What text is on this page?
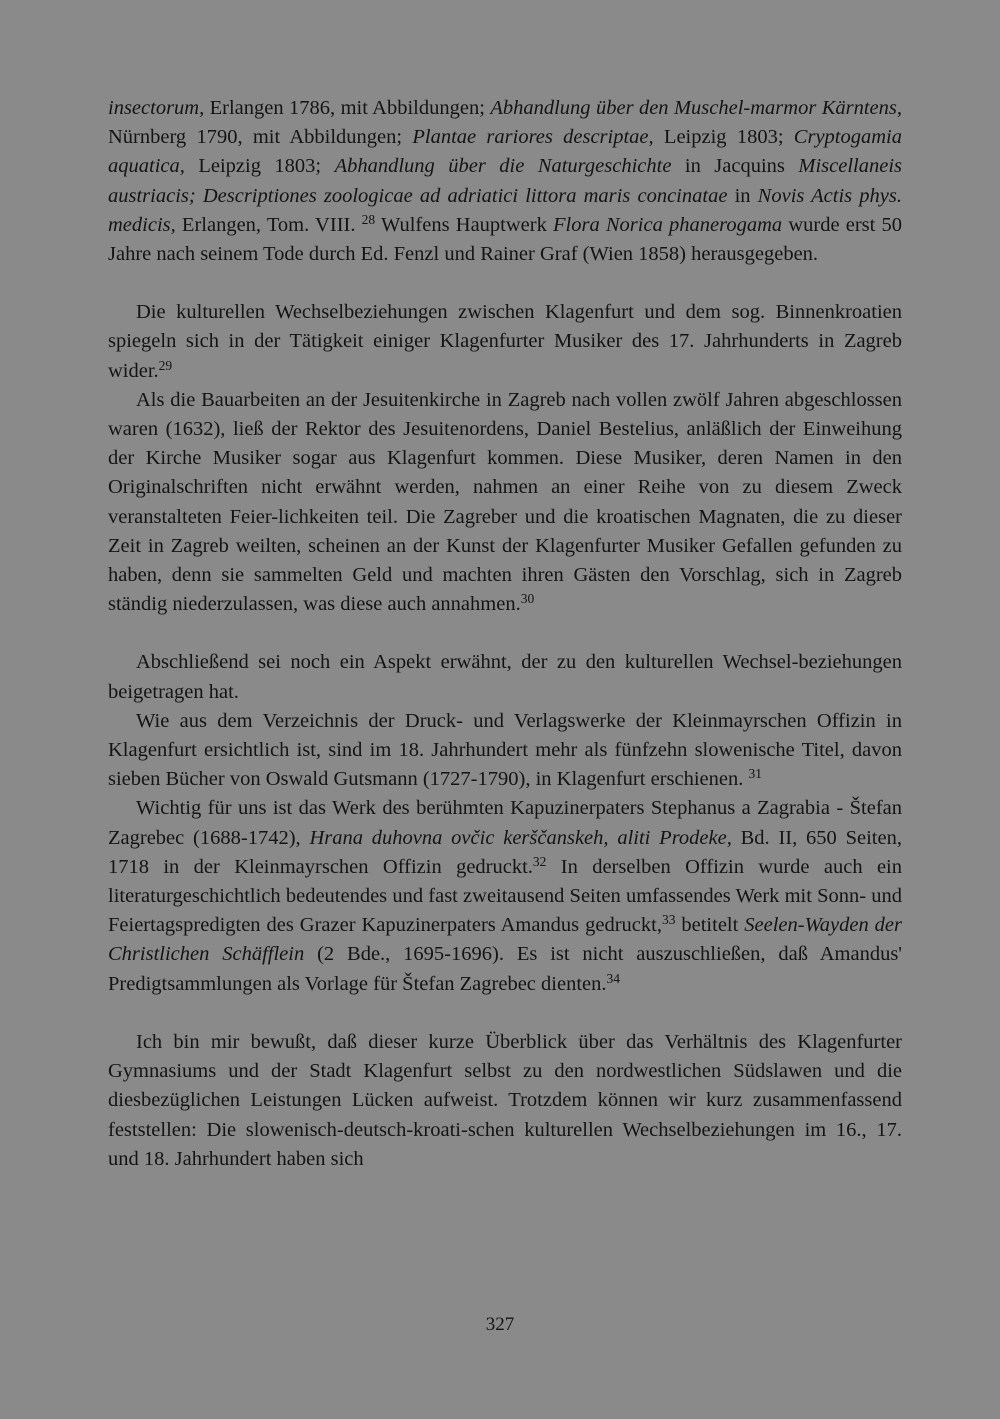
insectorum, Erlangen 1786, mit Abbildungen; Abhandlung über den Muschel-marmor Kärntens, Nürnberg 1790, mit Abbildungen; Plantae rariores descriptae, Leipzig 1803; Cryptogamia aquatica, Leipzig 1803; Abhandlung über die Naturgeschichte in Jacquins Miscellaneis austriacis; Descriptiones zoologicae ad adriatici littora maris concinatae in Novis Actis phys. medicis, Erlangen, Tom. VIII. $^{28}$ Wulfens Hauptwerk Flora Norica phanerogama wurde erst 50 Jahre nach seinem Tode durch Ed. Fenzl und Rainer Graf (Wien 1858) herausgegeben.

Die kulturellen Wechselbeziehungen zwischen Klagenfurt und dem sog. Binnenkroatien spiegeln sich in der Tätigkeit einiger Klagenfurter Musiker des 17. Jahrhunderts in Zagreb wider.$^{29}$

Als die Bauarbeiten an der Jesuitenkirche in Zagreb nach vollen zwölf Jahren abgeschlossen waren (1632), ließ der Rektor des Jesuitenordens, Daniel Bestelius, anläßlich der Einweihung der Kirche Musiker sogar aus Klagenfurt kommen. Diese Musiker, deren Namen in den Originalschriften nicht erwähnt werden, nahmen an einer Reihe von zu diesem Zweck veranstalteten Feier-lichkeiten teil. Die Zagreber und die kroatischen Magnaten, die zu dieser Zeit in Zagreb weilten, scheinen an der Kunst der Klagenfurter Musiker Gefallen gefunden zu haben, denn sie sammelten Geld und machten ihren Gästen den Vorschlag, sich in Zagreb ständig niederzulassen, was diese auch annahmen.$^{30}$

Abschließend sei noch ein Aspekt erwähnt, der zu den kulturellen Wechsel-beziehungen beigetragen hat.

Wie aus dem Verzeichnis der Druck- und Verlagswerke der Kleinmayrschen Offizin in Klagenfurt ersichtlich ist, sind im 18. Jahrhundert mehr als fünfzehn slowenische Titel, davon sieben Bücher von Oswald Gutsmann (1727-1790), in Klagenfurt erschienen. $^{31}$

Wichtig für uns ist das Werk des berühmten Kapuzinerpaters Stephanus a Zagrabia - Štefan Zagrebec (1688-1742), Hrana duhovna ovčic kerščanskeh, aliti Prodeke, Bd. II, 650 Seiten, 1718 in der Kleinmayrschen Offizin gedruckt.$^{32}$ In derselben Offizin wurde auch ein literaturgeschichtlich bedeutendes und fast zweitausend Seiten umfassendes Werk mit Sonn- und Feiertagspredigten des Grazer Kapuzinerpaters Amandus gedruckt,$^{33}$ betitelt Seelen-Wayden der Christlichen Schäfflein (2 Bde., 1695-1696). Es ist nicht auszuschließen, daß Amandus' Predigtsammlungen als Vorlage für Štefan Zagrebec dienten.$^{34}$

Ich bin mir bewußt, daß dieser kurze Überblick über das Verhältnis des Klagenfurter Gymnasiums und der Stadt Klagenfurt selbst zu den nordwestlichen Südslawen und die diesbezüglichen Leistungen Lücken aufweist. Trotzdem können wir kurz zusammenfassend feststellen: Die slowenisch-deutsch-kroati-schen kulturellen Wechselbeziehungen im 16., 17. und 18. Jahrhundert haben sich

327
